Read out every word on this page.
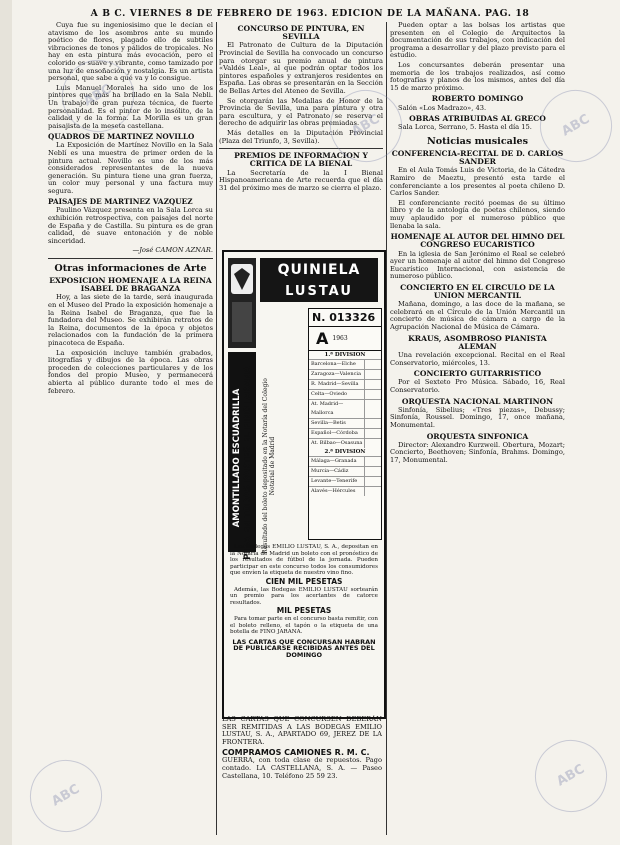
A B C. VIERNES 8 DE FEBRERO DE 1963. EDICION DE LA MAÑANA. PAG. 18

Cuya fue su ingeniosisimo que le decían el atavismo de los asombros ante su mundo poético de flores, plagado ello de subtiles vibraciones de tonos y pálidos de tropicales. No hay en esta pintura más evocación, pero el colorido es suave y vibrante, como tamizado por una luz de ensoñación y nostalgia. Es un artista personal, que sabe a qué va y lo consigue.

Luis Manuel Morales ha sido uno de los pintores que más ha brillado en la Sala Nebli. Un trabajo de gran pureza técnica, de fuerte personalidad. Es el pintor de lo insólito, de la calidad y de la forma. La Morilla es un gran paisajista de la meseta castellana.

QUADROS DE MARTINEZ NOVILLO

La Exposición de Martínez Novillo en la Sala Neblí es una muestra de primer orden de la pintura actual. Novillo es uno de los más considerados representantes de la nueva generación. Su pintura tiene una gran fuerza, un color muy personal y una factura muy segura.

PAISAJES DE MARTINEZ VAZQUEZ

Paulino Vázquez presenta en la Sala Lorca su exhibición retrospectiva, con paisajes del norte de España y de Castilla. Su pintura es de gran calidad, de suave entonación y de noble sinceridad.

—José CAMON AZNAR.

Otras informaciones de Arte
EXPOSICION HOMENAJE A LA REINA ISABEL DE BRAGANZA

Hoy, a las siete de la tarde, será inaugurada en el Museo del Prado la exposición homenaje a la Reina Isabel de Braganza, que fue la fundadora del Museo. Se exhibirán retratos de la Reina, documentos de la época y objetos relacionados con la fundación de la primera pinacoteca de España.

La exposición incluye también grabados, litografías y dibujos de la época. Las obras proceden de colecciones particulares y de los fondos del propio Museo, y permanecerá abierta al público durante todo el mes de febrero.

CONCURSO DE PINTURA, EN SEVILLA

El Patronato de Cultura de la Diputación Provincial de Sevilla ha convocado un concurso para otorgar su premio anual de pintura «Valdés Leal», al que podrán optar todos los pintores españoles y extranjeros residentes en España. Las obras se presentarán en la Sección de Bellas Artes del Ateneo de Sevilla.

Se otorgarán las Medallas de Honor de la Provincia de Sevilla, una para pintura y otra para escultura, y el Patronato se reserva el derecho de adquirir las obras premiadas.

Más detalles en la Diputación Provincial (Plaza del Triunfo, 3, Sevilla).

PREMIOS DE INFORMACION Y CRITICA DE LA BIENAL

La Secretaría de la I Bienal Hispanoamericana de Arte recuerda que el día 31 del próximo mes de marzo se cierra el plazo.

QUINIELA
LUSTAU
AMONTILLADO ESCUADRILLA PIDA EN TODAS PARTES EL FINO JARANA	Resultado del boleto depositado en la Notaría del Colegio Notarial de Madrid
N. 013326
A 1963
1.ª DIVISION
Barcelona—Elche
Zaragoza—Valencia
R. Madrid—Sevilla
Celta—Oviedo
At. Madrid—Mallorca
Sevilla—Betis
Español—Córdoba
At. Bilbao—Osasuna
2.ª DIVISION
Málaga—Granada
Murcia—Cádiz
Levante—Tenerife
Alavés—Hércules

Las Bodegas EMILIO LUSTAU, S. A., depositan en la Notaría de Madrid un boleto con el pronóstico de los resultados de fútbol de la jornada. Pueden participar en este concurso todos los consumidores que envíen la etiqueta de nuestro vino fino.

CIEN MIL PESETAS

Además, las Bodegas EMILIO LUSTAU sortearán un premio para los acertantes de catorce resultados.

MIL PESETAS

Para tomar parte en el concurso basta remitir, con el boleto relleno, el tapón o la etiqueta de una botella de FINO JARANA.

LAS CARTAS QUE CONCURSAN HABRAN DE PUBLICARSE RECIBIDAS ANTES DEL DOMINGO

LAS CARTAS QUE CONCURSEN DEBERÁN SER REMITIDAS A LAS BODEGAS EMILIO LUSTAU, S. A., APARTADO 69, JEREZ DE LA FRONTERA.

COMPRAMOS CAMIONES R. M. C.

GUERRA, con toda clase de repuestos. Pago contado. LA CASTELLANA, S. A. — Paseo Castellana, 10. Teléfono 25 59 23.

Pueden optar a las bolsas los artistas que presenten en el Colegio de Arquitectos la documentación de sus trabajos, con indicación del programa a desarrollar y del plazo previsto para el estudio.

Los concursantes deberán presentar una memoria de los trabajos realizados, así como fotografías y planos de los mismos, antes del día 15 de marzo próximo.

ROBERTO DOMINGO

Salón «Los Madrazo», 43.

OBRAS ATRIBUIDAS AL GRECO

Sala Lorca, Serrano, 5. Hasta el día 15.

Noticias musicales
CONFERENCIA-RECITAL DE D. CARLOS SANDER

En el Aula Tomás Luis de Victoria, de la Cátedra Ramiro de Maeztu, presentó esta tarde el conferenciante a los presentes al poeta chileno D. Carlos Sander.

El conferenciante recitó poemas de su último libro y de la antología de poetas chilenos, siendo muy aplaudido por el numeroso público que llenaba la sala.

HOMENAJE AL AUTOR DEL HIMNO DEL CONGRESO EUCARISTICO

En la iglesia de San Jerónimo el Real se celebró ayer un homenaje al autor del himno del Congreso Eucarístico Internacional, con asistencia de numeroso público.

CONCIERTO EN EL CIRCULO DE LA UNION MERCANTIL

Mañana, domingo, a las doce de la mañana, se celebrará en el Círculo de la Unión Mercantil un concierto de música de cámara a cargo de la Agrupación Nacional de Música de Cámara.

KRAUS, ASOMBROSO PIANISTA ALEMAN

Una revelación excepcional. Recital en el Real Conservatorio, miércoles, 13.

CONCIERTO GUITARRISTICO

Por el Sexteto Pro Música. Sábado, 16, Real Conservatorio.

ORQUESTA NACIONAL MARTINON

Sinfonía, Sibelius; «Tres piezas», Debussy; Sinfonía, Roussel. Domingo, 17, once mañana, Monumental.

ORQUESTA SINFONICA

Director: Alexandro Kurzweil. Obertura, Mozart; Concierto, Beethoven; Sinfonía, Brahms. Domingo, 17, Monumental.

ABC
ABC	ABC
ABC
ABC
